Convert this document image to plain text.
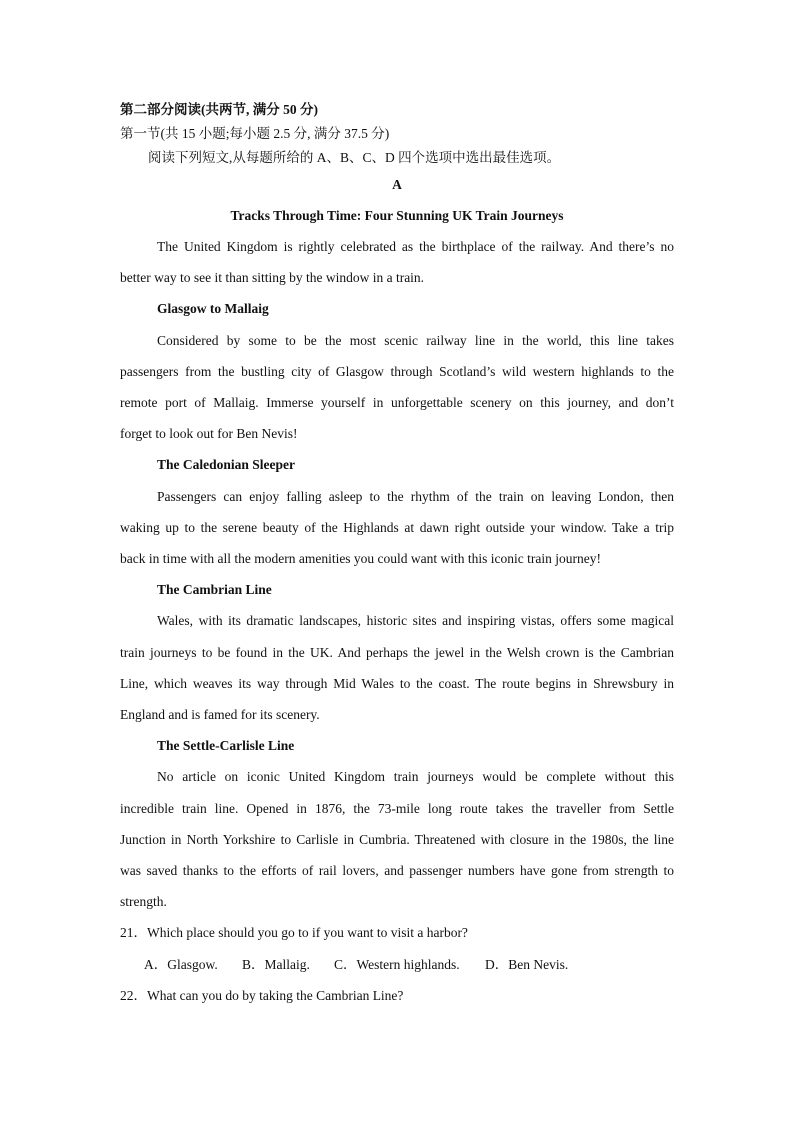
第二部分阅读(共两节, 满分 50 分)
第一节(共 15 小题;每小题 2.5 分, 满分 37.5 分)
阅读下列短文,从每题所给的 A、B、C、D 四个选项中选出最佳选项。
A
Tracks Through Time: Four Stunning UK Train Journeys
The United Kingdom is rightly celebrated as the birthplace of the railway. And there’s no
better way to see it than sitting by the window in a train.
Glasgow to Mallaig
Considered by some to be the most scenic railway line in the world, this line takes
passengers from the bustling city of Glasgow through Scotland’s wild western highlands to the
remote port of Mallaig. Immerse yourself in unforgettable scenery on this journey, and don’t
forget to look out for Ben Nevis!
The Caledonian Sleeper
Passengers can enjoy falling asleep to the rhythm of the train on leaving London, then
waking up to the serene beauty of the Highlands at dawn right outside your window. Take a trip
back in time with all the modern amenities you could want with this iconic train journey!
The Cambrian Line
Wales, with its dramatic landscapes, historic sites and inspiring vistas, offers some magical
train journeys to be found in the UK. And perhaps the jewel in the Welsh crown is the Cambrian
Line, which weaves its way through Mid Wales to the coast. The route begins in Shrewsbury in
England and is famed for its scenery.
The Settle-Carlisle Line
No article on iconic United Kingdom train journeys would be complete without this
incredible train line. Opened in 1876, the 73-mile long route takes the traveller from Settle
Junction in North Yorkshire to Carlisle in Cumbria. Threatened with closure in the 1980s, the line
was saved thanks to the efforts of rail lovers, and passenger numbers have gone from strength to
strength.
21．Which place should you go to if you want to visit a harbor?
A．Glasgow. B．Mallaig. C．Western highlands. D．Ben Nevis.
22．What can you do by taking the Cambrian Line?
